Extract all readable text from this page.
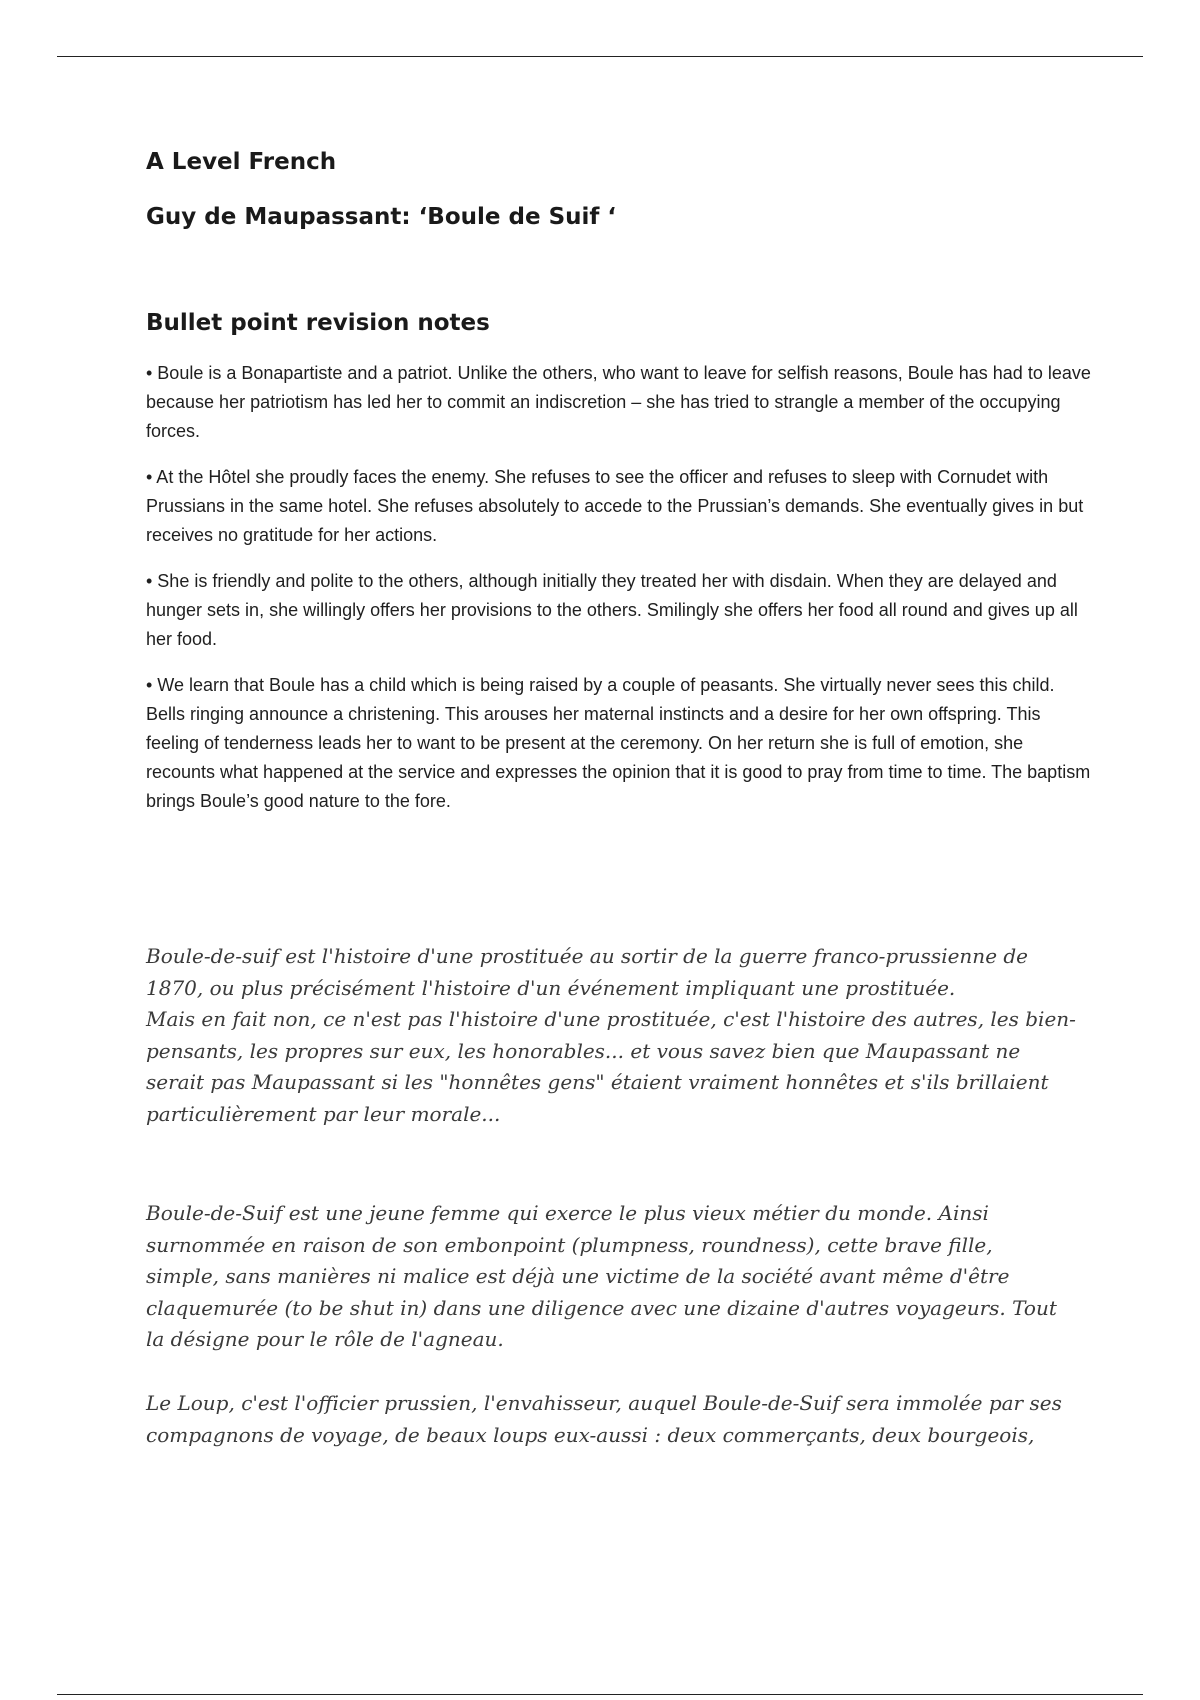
A Level French
Guy de Maupassant: ‘Boule de Suif ‘
Bullet point revision notes

• Boule is a Bonapartiste and a patriot. Unlike the others, who want to leave for selfish reasons, Boule has had to leave because her patriotism has led her to commit an indiscretion – she has tried to strangle a member of the occupying forces.

• At the Hôtel she proudly faces the enemy. She refuses to see the officer and refuses to sleep with Cornudet with Prussians in the same hotel. She refuses absolutely to accede to the Prussian’s demands. She eventually gives in but receives no gratitude for her actions.

• She is friendly and polite to the others, although initially they treated her with disdain. When they are delayed and hunger sets in, she willingly offers her provisions to the others. Smilingly she offers her food all round and gives up all her food.

• We learn that Boule has a child which is being raised by a couple of peasants. She virtually never sees this child. Bells ringing announce a christening. This arouses her maternal instincts and a desire for her own offspring. This feeling of tenderness leads her to want to be present at the ceremony. On her return she is full of emotion, she recounts what happened at the service and expresses the opinion that it is good to pray from time to time. The baptism brings Boule’s good nature to the fore.

Boule-de-suif est l'histoire d'une prostituée au sortir de la guerre franco-prussienne de
1870, ou plus précisément l'histoire d'un événement impliquant une prostituée.
Mais en fait non, ce n'est pas l'histoire d'une prostituée, c'est l'histoire des autres, les bien-
pensants, les propres sur eux, les honorables... et vous savez bien que Maupassant ne
serait pas Maupassant si les "honnêtes gens" étaient vraiment honnêtes et s'ils brillaient
particulièrement par leur morale...

Boule-de-Suif est une jeune femme qui exerce le plus vieux métier du monde. Ainsi
surnommée en raison de son embonpoint (plumpness, roundness), cette brave fille,
simple, sans manières ni malice est déjà une victime de la société avant même d'être
claquemurée (to be shut in) dans une diligence avec une dizaine d'autres voyageurs. Tout
la désigne pour le rôle de l'agneau.

Le Loup, c'est l'officier prussien, l'envahisseur, auquel Boule-de-Suif sera immolée par ses
compagnons de voyage, de beaux loups eux-aussi : deux commerçants, deux bourgeois,
